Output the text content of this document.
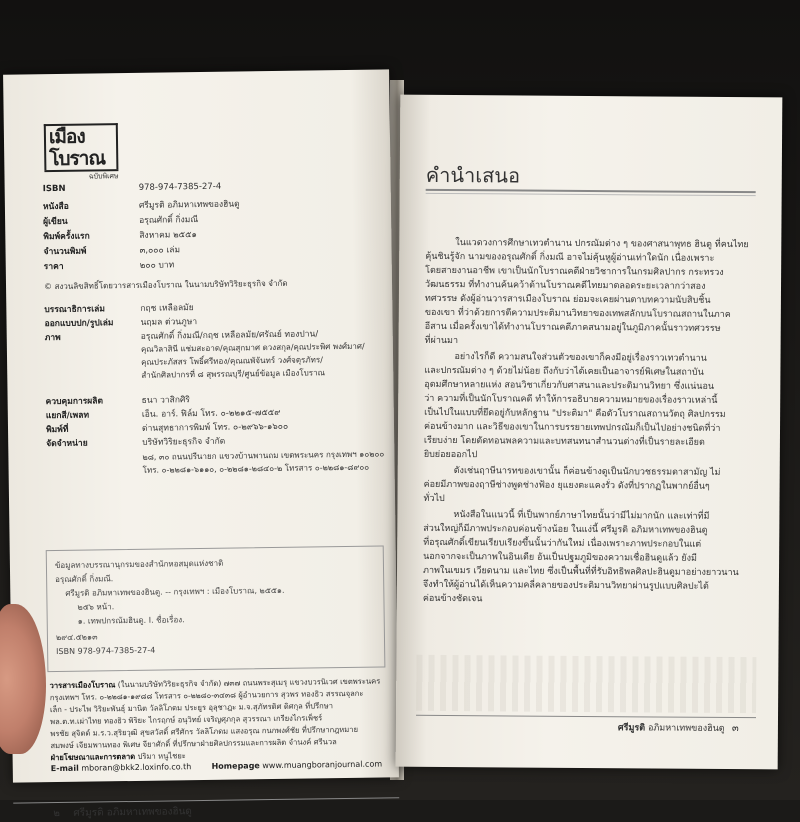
เมืองโบราณ
ฉบับพิเศษ
ISBN	978-974-7385-27-4
หนังสือ	ศรีมูรติ อภิมหาเทพของฮินดู
ผู้เขียน	อรุณศักดิ์ กิ่งมณี
พิมพ์ครั้งแรก	สิงหาคม ๒๕๕๑
จำนวนพิมพ์	๓,๐๐๐ เล่ม
ราคา	๒๐๐ บาท
© สงวนลิขสิทธิ์โดยวารสารเมืองโบราณ ในนามบริษัทวิริยะธุรกิจ จำกัด
บรรณาธิการเล่ม	กฤช เหลือลมัย
ออกแบบปก/รูปเล่ม	นฤมล ต่วนภูษา
ภาพ	อรุณศักดิ์ กิ่งมณี/กฤช เหลือลมัย/ศรัณย์ ทองปาน/
คุณวิลาสินี แช่มสะอาด/คุณสุกมาศ ดวงสกุล/คุณประพิศ พงศ์มาศ/
คุณประภัสสร โพธิ์ศรีทอง/คุณณพัจันทร์ วงศ์จตุรภัทร/
สำนักศิลปากรที่ ๘ สุพรรณบุรี/ศูนย์ข้อมูล เมืองโบราณ
ควบคุมการผลิต	ธนา วาสิกศิริ
แยกสี/เพลท	เอ็น. อาร์. ฟิล์ม โทร. ๐-๒๒๑๕-๗๕๕๙
พิมพ์ที่	ด่านสุทธาการพิมพ์ โทร. ๐-๒๙๖๖-๑๖๐๐
จัดจำหน่าย	บริษัทวิริยะธุรกิจ จำกัด
๒๘, ๓๐ ถนนปรีนายก แขวงบ้านพานถม เขตพระนคร กรุงเทพฯ ๑๐๒๐๐
โทร. ๐-๒๒๘๑-๖๑๑๐, ๐-๒๒๘๑-๒๘๔๐-๒ โทรสาร ๐-๒๒๘๑-๘๙๐๐
ข้อมูลทางบรรณานุกรมของสำนักหอสมุดแห่งชาติ
อรุณศักดิ์ กิ่งมณี.
ศรีมูรติ อภิมหาเทพของฮินดู. -- กรุงเทพฯ : เมืองโบราณ, ๒๕๕๑.
๒๕๖ หน้า.
๑. เทพปกรณัมฮินดู. I. ชื่อเรื่อง.
๒๙๔.๕๒๑๓
ISBN 978-974-7385-27-4
วารสารเมืองโบราณ (ในนามบริษัทวิริยะธุรกิจ จำกัด) ๗๓๗ ถนนพระสุเมรุ แขวงบวรนิเวศ เขตพระนคร
กรุงเทพฯ โทร. ๐-๒๒๘๑-๑๙๘๘ โทรสาร ๐-๒๒๘๐-๓๔๓๘ ผู้อำนวยการ สุวพร ทองธิว สรรณจุลกะ
เล็ก - ประไพ วิริยะพันธุ์ มานิต วัลลิโภดม ประยูร อุลุชาฎะ ม.จ.สุภัทรดิศ ดิศกุล ที่ปรึกษา
พล.ต.ท.เผ่าไทย ทองธิว พิริยะ ไกรฤกษ์ อนุวิทย์ เจริญศุภกุล สุวรรณา เกรียงไกรเพ็ชร์
พรชัย สุจิตต์ ม.ร.ว.สุริยวุฒิ สุขสวัสดิ์ ศรีศักร วัลลิโภดม แสงอรุณ กนกพงศ์ชัย ที่ปรึกษากฎหมาย
สมพงษ์ เจียมพานทอง พิเศษ จียาศักดิ์ ที่ปรึกษาฝ่ายศิลปกรรมและการผลิต จำนงค์ ศรีนวล
ฝ่ายโฆษณาและการตลาด ปริมา หนูไชยะ
E-mail mboran@bkk2.loxinfo.co.th	Homepage www.muangboranjournal.com
๒ ศรีมูรติ อภิมหาเทพของฮินดู
คำนำเสนอ
ในแวดวงการศึกษาเทวตำนาน ปกรณัมต่าง ๆ ของศาสนาพุทธ ฮินดู ที่คนไทย
คุ้นชินรู้จัก นามของอรุณศักดิ์ กิ่งมณี อาจไม่คุ้นหูผู้อ่านเท่าใดนัก เนื่องเพราะ
โดยสายงานอาชีพ เขาเป็นนักโบราณคดีฝ่ายวิชาการในกรมศิลปากร กระทรวง
วัฒนธรรม ที่ทำงานค้นคว้าด้านโบราณคดีไทยมาตลอดระยะเวลากว่าสอง
ทศวรรษ ดังผู้อ่านวารสารเมืองโบราณ ย่อมจะเคยผ่านตาบทความนับสิบชิ้น
ของเขา ที่ว่าด้วยการตีความประติมานวิทยาของเทพสลักบนโบราณสถานในภาค
อีสาน เมื่อครั้งเขาได้ทำงานโบราณคดีภาคสนามอยู่ในภูมิภาคนั้นราวทศวรรษ
ที่ผ่านมา
อย่างไรก็ดี ความสนใจส่วนตัวของเขาก็คงมีอยู่เรื่องราวเทวตำนาน
และปกรณัมต่าง ๆ ด้วยไม่น้อย ถึงกับว่าได้เคยเป็นอาจารย์พิเศษในสถาบัน
อุดมศึกษาหลายแห่ง สอนวิชาเกี่ยวกับศาสนาและประติมานวิทยา ซึ่งแน่นอน
ว่า ความที่เป็นนักโบราณคดี ทำให้การอธิบายความหมายของเรื่องราวเหล่านี้
เป็นไปในแบบที่ยึดอยู่กับหลักฐาน "ประติมา" คือตัวโบราณสถานวัตถุ ศิลปกรรม
ค่อนข้างมาก และวิธีของเขาในการบรรยายเทพปกรณัมก็เป็นไปอย่างชนิดที่ว่า
เรียบง่าย โดยตัดทอนพลความและบทสนทนาสำนวนต่างที่เป็นรายละเอียด
ยิบย่อยออกไป
ดังเช่นฤาษีนารทของเขานั้น ก็ค่อนข้างดูเป็นนักบวชธรรมดาสามัญ ไม่
ค่อยมีภาพของฤาษีช่างพูดช่างฟ้อง ยุแยงตะแคงรั่ว ดังที่ปรากฏในพากย์อื่นๆ
ทั่วไป
หนังสือในแนวนี้ ที่เป็นพากย์ภาษาไทยนั้นว่ามีไม่มากนัก และเท่าที่มี
ส่วนใหญ่ก็มีภาพประกอบค่อนข้างน้อย ในแง่นี้ ศรีมูรติ อภิมหาเทพของฮินดู
ที่อรุณศักดิ์เขียนเรียบเรียงขึ้นนั้นว่ากันใหม่ เนื่องเพราะภาพประกอบในแต่
นอกจากจะเป็นภาพในอินเดีย อันเป็นปฐมภูมิของความเชื่อฮินดูแล้ว ยังมี
ภาพในเขมร เวียดนาม และไทย ซึ่งเป็นพื้นที่ที่รับอิทธิพลศิลปะฮินดูมาอย่างยาวนาน
จึงทำให้ผู้อ่านได้เห็นความคลี่คลายของประติมานวิทยาผ่านรูปแบบศิลปะได้
ค่อนข้างชัดเจน
ศรีมูรติ อภิมหาเทพของฮินดู ๓
